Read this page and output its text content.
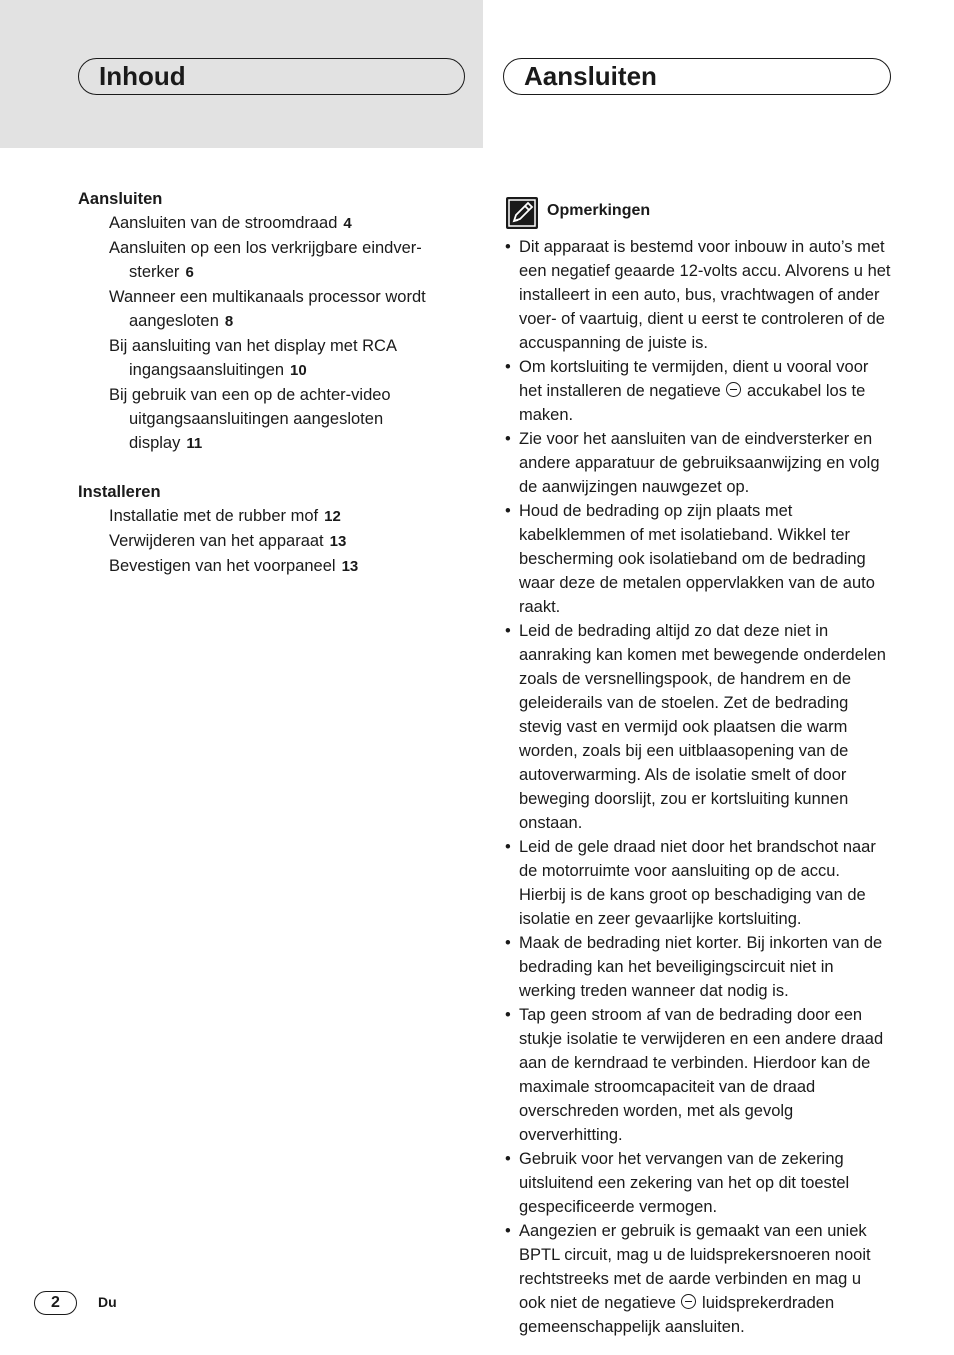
Inhoud	Aansluiten

Aansluiten

Aansluiten van de stroomdraad 4

Aansluiten op een los verkrijgbare eindver-
sterker 6

Wanneer een multikanaals processor wordt
aangesloten 8

Bij aansluiting van het display met RCA
ingangsaansluitingen 10

Bij gebruik van een op de achter-video
uitgangsaansluitingen aangesloten
display 11

Installeren

Installatie met de rubber mof 12

Verwijderen van het apparaat 13

Bevestigen van het voorpaneel 13

Opmerkingen
• Dit apparaat is bestemd voor inbouw in auto’s met een negatief geaarde 12-volts accu. Alvorens u het installeert in een auto, bus, vrachtwagen of ander voer- of vaartuig, dient u eerst te controleren of de accuspanning de juiste is.
• Om kortsluiting te vermijden, dient u vooral voor het installeren de negatieve  accukabel los te maken.
• Zie voor het aansluiten van de eindversterker en andere apparatuur de gebruiksaanwijzing en volg de aanwijzingen nauwgezet op.
• Houd de bedrading op zijn plaats met kabelklemmen of met isolatieband. Wikkel ter bescherming ook isolatieband om de bedrading waar deze de metalen oppervlakken van de auto raakt.
• Leid de bedrading altijd zo dat deze niet in aanraking kan komen met bewegende onderdelen zoals de versnellingspook, de handrem en de geleiderails van de stoelen. Zet de bedrading stevig vast en vermijd ook plaatsen die warm worden, zoals bij een uitblaasopening van de autoverwarming. Als de isolatie smelt of door beweging doorslijt, zou er kortsluiting kunnen onstaan.
• Leid de gele draad niet door het brandschot naar de motorruimte voor aansluiting op de accu. Hierbij is de kans groot op beschadiging van de isolatie en zeer gevaarlijke kortsluiting.
• Maak de bedrading niet korter. Bij inkorten van de bedrading kan het beveiligingscircuit niet in werking treden wanneer dat nodig is.
• Tap geen stroom af van de bedrading door een stukje isolatie te verwijderen en een andere draad aan de kerndraad te verbinden. Hierdoor kan de maximale stroomcapaciteit van de draad overschreden worden, met als gevolg oververhitting.
• Gebruik voor het vervangen van de zekering uitsluitend een zekering van het op dit toestel gespecificeerde vermogen.
• Aangezien er gebruik is gemaakt van een uniek BPTL circuit, mag u de luidsprekersnoeren nooit rechtstreeks met de aarde verbinden en mag u ook niet de negatieve  luidsprekerdraden gemeenschappelijk aansluiten.
2	Du
